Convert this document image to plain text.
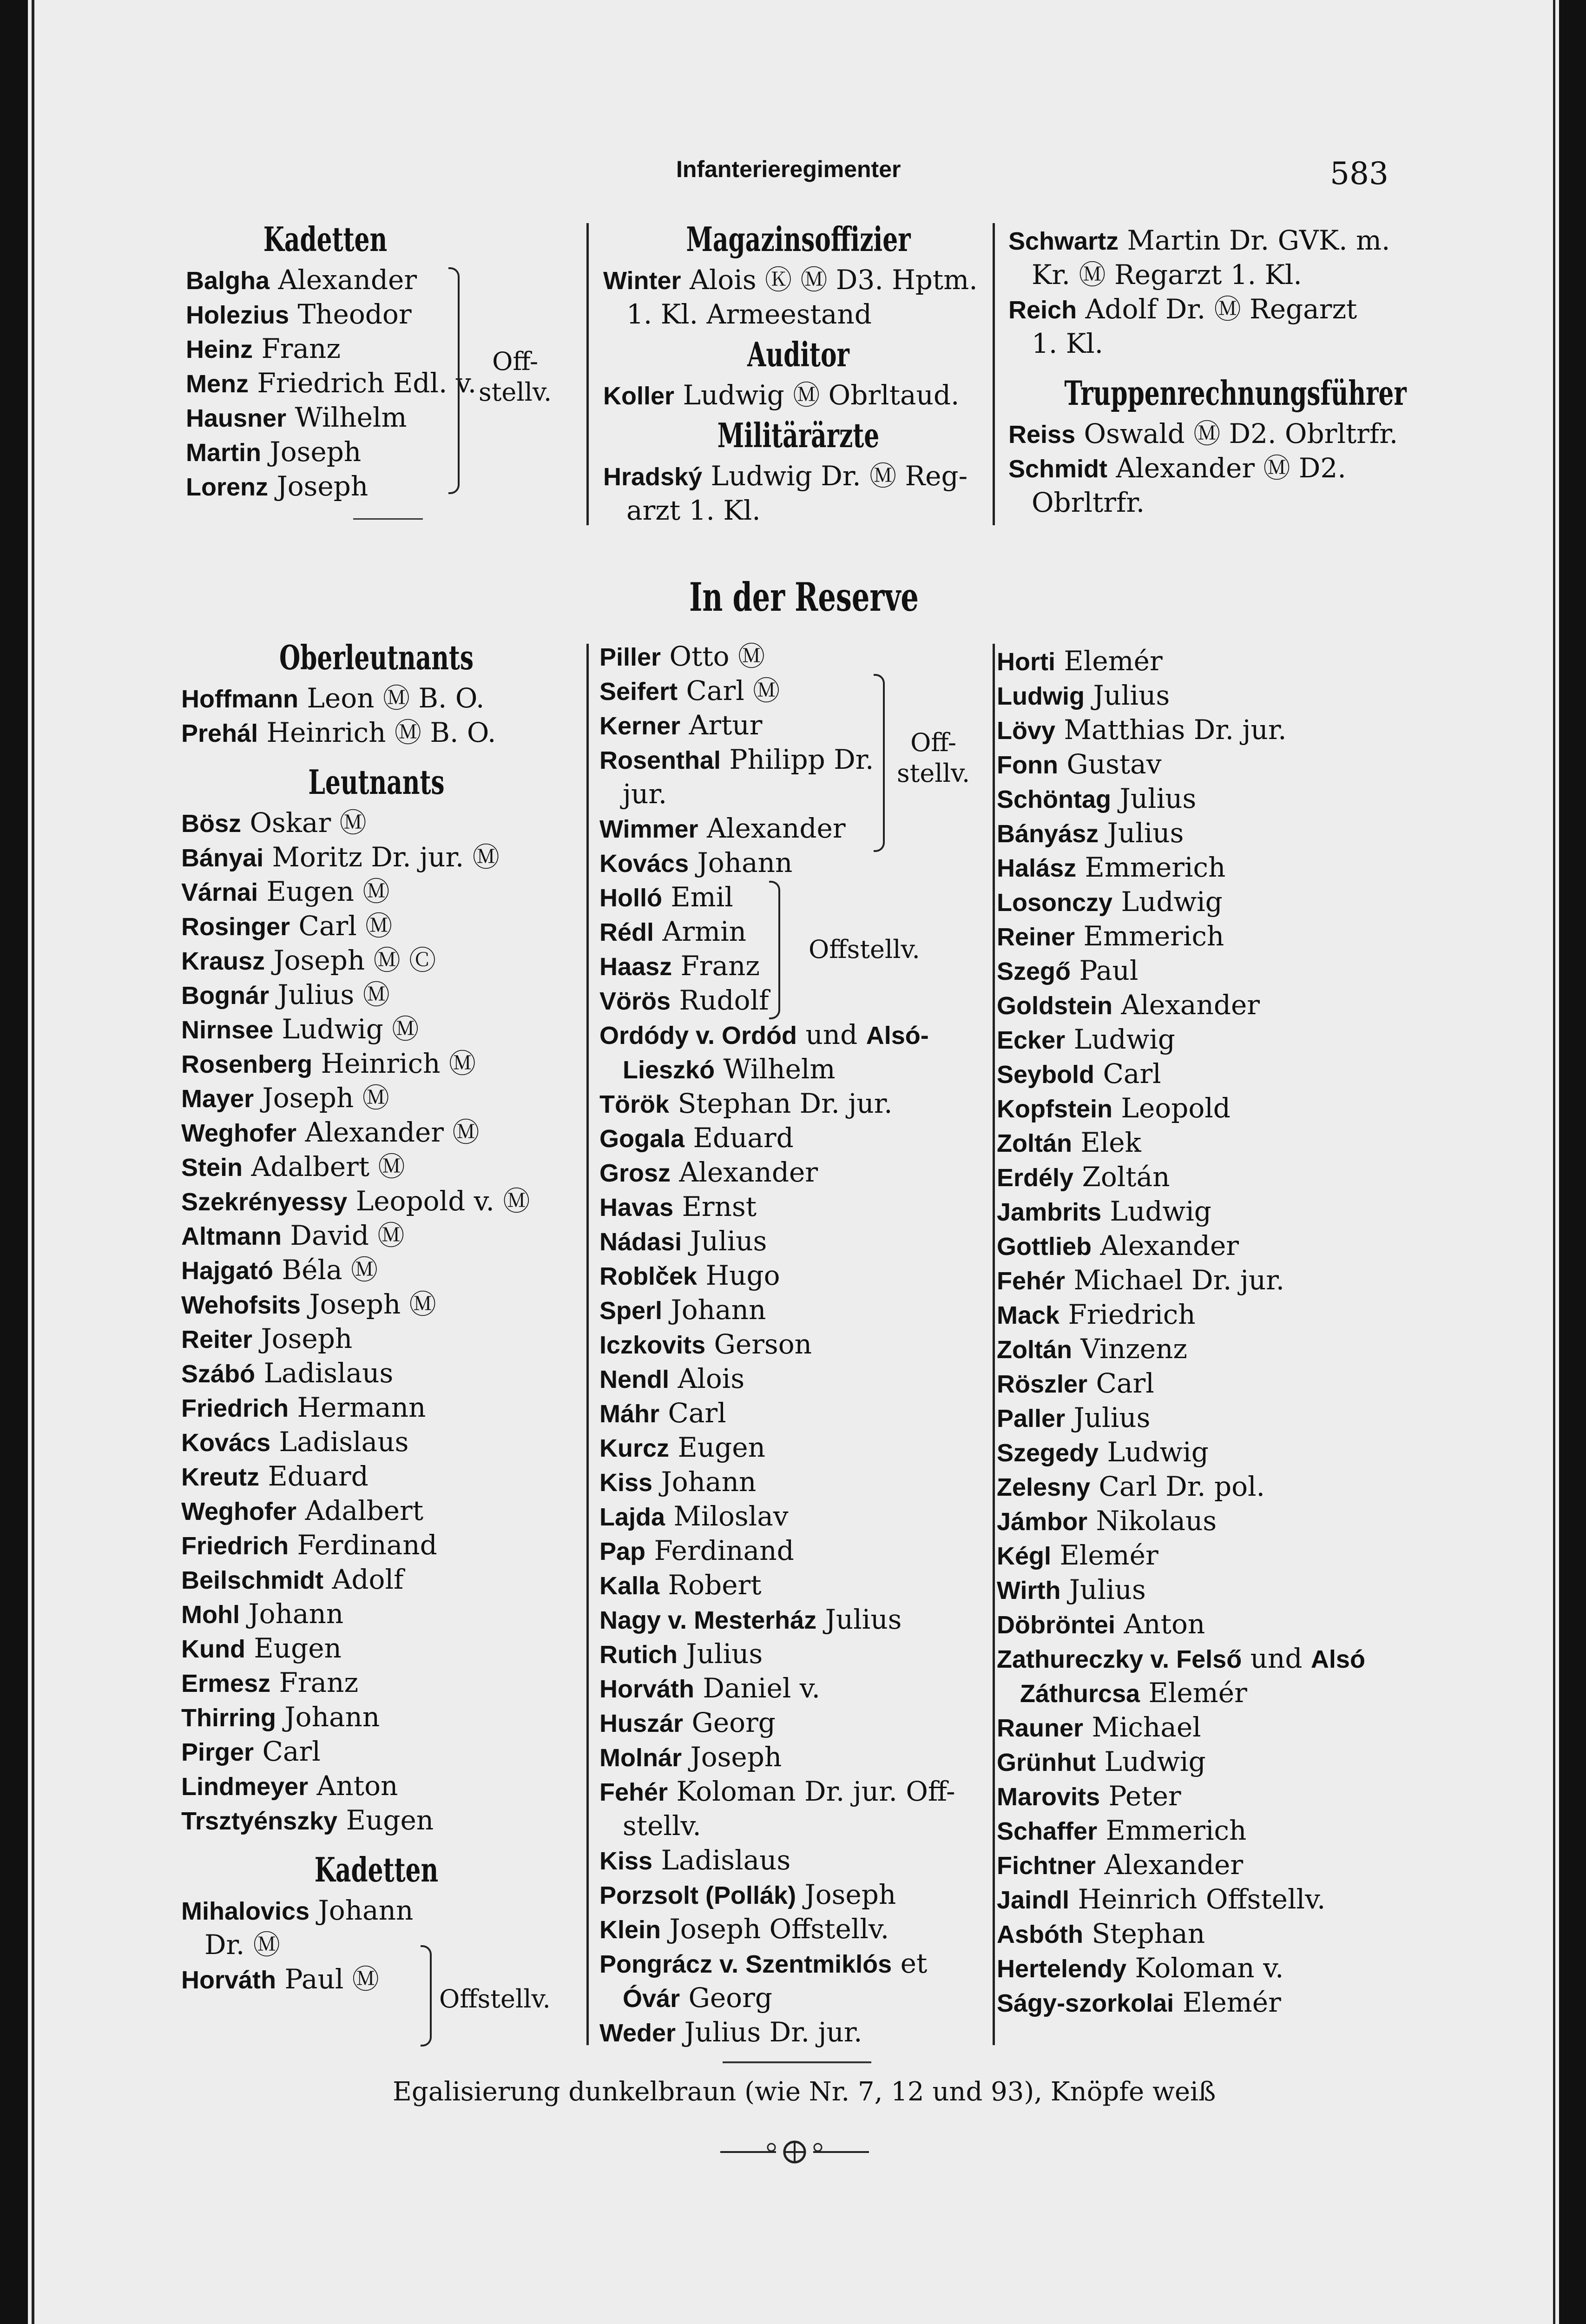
Infanterieregimenter	583
Kadetten
Balgha Alexander
Holezius Theodor
Heinz Franz
Menz Friedrich Edl. v.
Hausner Wilhelm
Martin Joseph
Lorenz Joseph
Off-
stellv.
Oberleutnants
Hoffmann Leon Ⓜ B. O.
Prehál Heinrich Ⓜ B. O.
Leutnants
Bösz Oskar Ⓜ
Bányai Moritz Dr. jur. Ⓜ
Várnai Eugen Ⓜ
Rosinger Carl Ⓜ
Krausz Joseph Ⓜ Ⓒ
Bognár Julius Ⓜ
Nirnsee Ludwig Ⓜ
Rosenberg Heinrich Ⓜ
Mayer Joseph Ⓜ
Weghofer Alexander Ⓜ
Stein Adalbert Ⓜ
Szekrényessy Leopold v. Ⓜ
Altmann David Ⓜ
Hajgató Béla Ⓜ
Wehofsits Joseph Ⓜ
Reiter Joseph
Szábó Ladislaus
Friedrich Hermann
Kovács Ladislaus
Kreutz Eduard
Weghofer Adalbert
Friedrich Ferdinand
Beilschmidt Adolf
Mohl Johann
Kund Eugen
Ermesz Franz
Thirring Johann
Pirger Carl
Lindmeyer Anton
Trsztyénszky Eugen
Kadetten
Mihalovics Johann
Dr. Ⓜ
Horváth Paul Ⓜ
Offstellv.
Magazinsoffizier
Winter Alois Ⓚ Ⓜ D3. Hptm.
1. Kl. Armeestand
Auditor
Koller Ludwig Ⓜ Obrltaud.
Militärärzte
Hradský Ludwig Dr. Ⓜ Reg-
arzt 1. Kl.
Schwartz Martin Dr. GVK. m.
Kr. Ⓜ Regarzt 1. Kl.
Reich Adolf Dr. Ⓜ Regarzt
1. Kl.
Truppenrechnungsführer
Reiss Oswald Ⓜ D2. Obrltrfr.
Schmidt Alexander Ⓜ D2.
Obrltrfr.
In der Reserve
Piller Otto Ⓜ
Seifert Carl Ⓜ
Kerner Artur
Rosenthal Philipp Dr.
jur.
Wimmer Alexander
Kovács Johann
Holló Emil
Rédl Armin
Haasz Franz
Vörös Rudolf
Ordódy v. Ordód und Alsó-
Lieszkó Wilhelm
Török Stephan Dr. jur.
Gogala Eduard
Grosz Alexander
Havas Ernst
Nádasi Julius
Roblček Hugo
Sperl Johann
Iczkovits Gerson
Nendl Alois
Máhr Carl
Kurcz Eugen
Kiss Johann
Lajda Miloslav
Pap Ferdinand
Kalla Robert
Nagy v. Mesterház Julius
Rutich Julius
Horváth Daniel v.
Huszár Georg
Molnár Joseph
Fehér Koloman Dr. jur. Off-
stellv.
Kiss Ladislaus
Porzsolt (Pollák) Joseph
Klein Joseph Offstellv.
Pongrácz v. Szentmiklós et
Óvár Georg
Weder Julius Dr. jur.
Off-
stellv.
Offstellv.
Horti Elemér
Ludwig Julius
Lövy Matthias Dr. jur.
Fonn Gustav
Schöntag Julius
Bányász Julius
Halász Emmerich
Losonczy Ludwig
Reiner Emmerich
Szegő Paul
Goldstein Alexander
Ecker Ludwig
Seybold Carl
Kopfstein Leopold
Zoltán Elek
Erdély Zoltán
Jambrits Ludwig
Gottlieb Alexander
Fehér Michael Dr. jur.
Mack Friedrich
Zoltán Vinzenz
Röszler Carl
Paller Julius
Szegedy Ludwig
Zelesny Carl Dr. pol.
Jámbor Nikolaus
Kégl Elemér
Wirth Julius
Döbröntei Anton
Zathureczky v. Felső und Alsó
Záthurcsa Elemér
Rauner Michael
Grünhut Ludwig
Marovits Peter
Schaffer Emmerich
Fichtner Alexander
Jaindl Heinrich Offstellv.
Asbóth Stephan
Hertelendy Koloman v.
Ságy-szorkolai Elemér
Egalisierung dunkelbraun (wie Nr. 7, 12 und 93), Knöpfe weiß
